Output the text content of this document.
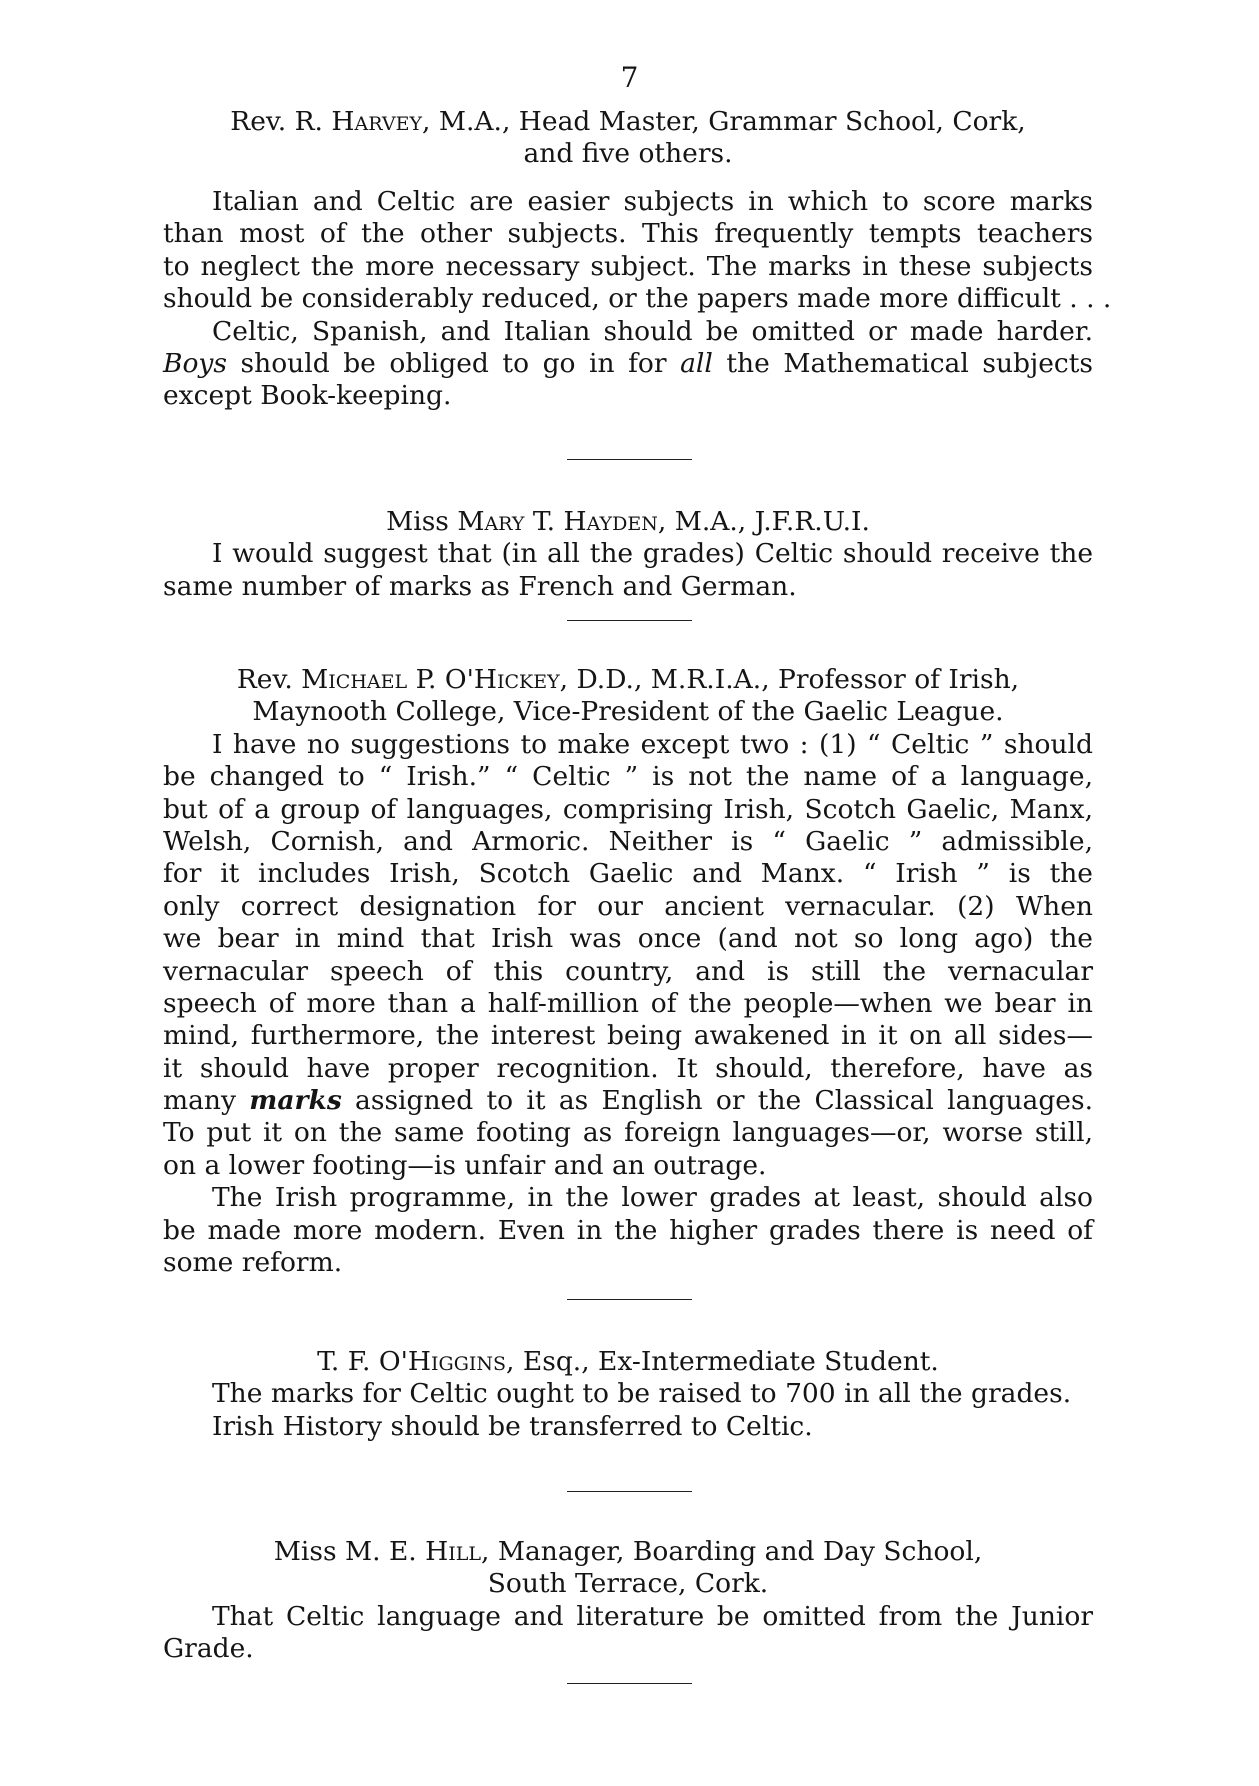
7
Rev. R. Harvey, M.A., Head Master, Grammar School, Cork,
and five others.
Italian and Celtic are easier subjects in which to score marks
than most of the other subjects. This frequently tempts teachers
to neglect the more necessary subject. The marks in these subjects
should be considerably reduced, or the papers made more difficult . . .
Celtic, Spanish, and Italian should be omitted or made harder.
Boys should be obliged to go in for all the Mathematical subjects
except Book-keeping.
Miss Mary T. Hayden, M.A., J.F.R.U.I.
I would suggest that (in all the grades) Celtic should receive the
same number of marks as French and German.
Rev. Michael P. O'Hickey, D.D., M.R.I.A., Professor of Irish,
Maynooth College, Vice-President of the Gaelic League.
I have no suggestions to make except two : (1) “ Celtic ” should
be changed to “ Irish.” “ Celtic ” is not the name of a language,
but of a group of languages, comprising Irish, Scotch Gaelic, Manx,
Welsh, Cornish, and Armoric. Neither is “ Gaelic ” admissible,
for it includes Irish, Scotch Gaelic and Manx. “ Irish ” is the
only correct designation for our ancient vernacular. (2) When
we bear in mind that Irish was once (and not so long ago) the
vernacular speech of this country, and is still the vernacular
speech of more than a half-million of the people—when we bear in
mind, furthermore, the interest being awakened in it on all sides—
it should have proper recognition. It should, therefore, have as
many marks assigned to it as English or the Classical languages.
To put it on the same footing as foreign languages—or, worse still,
on a lower footing—is unfair and an outrage.
The Irish programme, in the lower grades at least, should also
be made more modern. Even in the higher grades there is need of
some reform.
T. F. O'Higgins, Esq., Ex-Intermediate Student.
The marks for Celtic ought to be raised to 700 in all the grades.
Irish History should be transferred to Celtic.
Miss M. E. Hill, Manager, Boarding and Day School,
South Terrace, Cork.
That Celtic language and literature be omitted from the Junior
Grade.
